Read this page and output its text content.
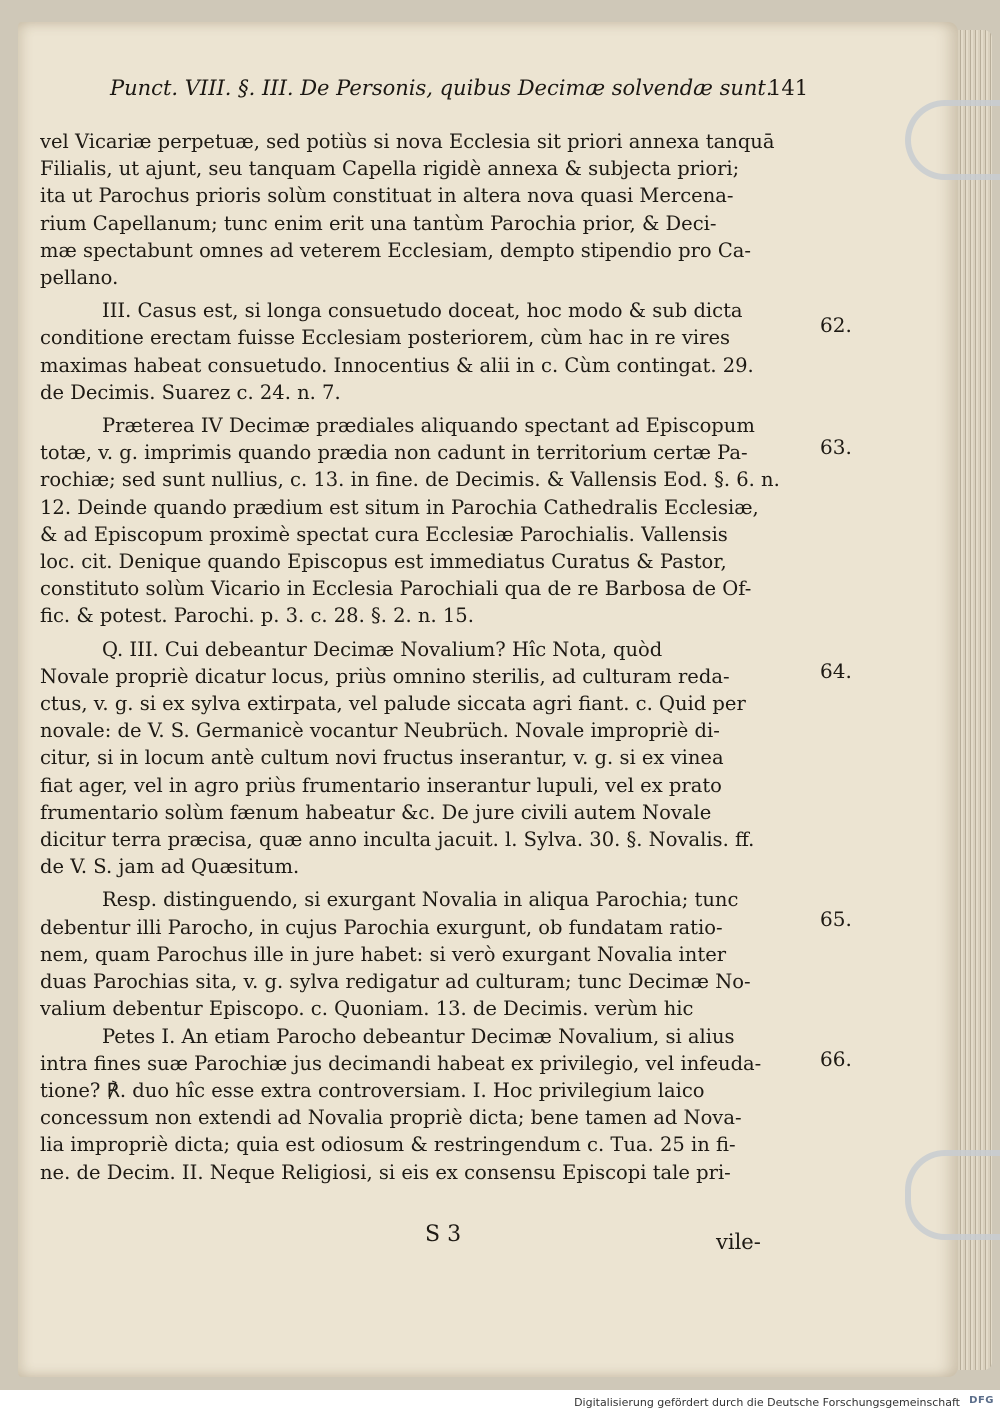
Punct. VIII. §. III. De Personis, quibus Decimæ solvendæ sunt.
141

vel Vicariæ perpetuæ, sed potiùs si nova Ecclesia sit priori annexa tanquā
Filialis, ut ajunt, seu tanquam Capella rigidè annexa & subjecta priori;
ita ut Parochus prioris solùm constituat in altera nova quasi Mercena-
rium Capellanum; tunc enim erit una tantùm Parochia prior, & Deci-
mæ spectabunt omnes ad veterem Ecclesiam, dempto stipendio pro Ca-
pellano.

III. Casus est, si longa consuetudo doceat, hoc modo & sub dicta
conditione erectam fuisse Ecclesiam posteriorem, cùm hac in re vires
maximas habeat consuetudo. Innocentius & alii in c. Cùm contingat. 29.
de Decimis. Suarez c. 24. n. 7.

Præterea IV Decimæ prædiales aliquando spectant ad Episcopum
totæ, v. g. imprimis quando prædia non cadunt in territorium certæ Pa-
rochiæ; sed sunt nullius, c. 13. in fine. de Decimis. & Vallensis Eod. §. 6. n.
12. Deinde quando prædium est situm in Parochia Cathedralis Ecclesiæ,
& ad Episcopum proximè spectat cura Ecclesiæ Parochialis. Vallensis
loc. cit. Denique quando Episcopus est immediatus Curatus & Pastor,
constituto solùm Vicario in Ecclesia Parochiali qua de re Barbosa de Of-
fic. & potest. Parochi. p. 3. c. 28. §. 2. n. 15.

Q. III. Cui debeantur Decimæ Novalium? Hîc Nota, quòd
Novale propriè dicatur locus, priùs omnino sterilis, ad culturam reda-
ctus, v. g. si ex sylva extirpata, vel palude siccata agri fiant. c. Quid per
novale: de V. S. Germanicè vocantur Neubrüch. Novale impropriè di-
citur, si in locum antè cultum novi fructus inserantur, v. g. si ex vinea
fiat ager, vel in agro priùs frumentario inserantur lupuli, vel ex prato
frumentario solùm fænum habeatur &c. De jure civili autem Novale
dicitur terra præcisa, quæ anno inculta jacuit. l. Sylva. 30. §. Novalis. ff.
de V. S. jam ad Quæsitum.

Resp. distinguendo, si exurgant Novalia in aliqua Parochia; tunc
debentur illi Parocho, in cujus Parochia exurgunt, ob fundatam ratio-
nem, quam Parochus ille in jure habet: si verò exurgant Novalia inter
duas Parochias sita, v. g. sylva redigatur ad culturam; tunc Decimæ No-
valium debentur Episcopo. c. Quoniam. 13. de Decimis. verùm hic

Petes I. An etiam Parocho debeantur Decimæ Novalium, si alius
intra fines suæ Parochiæ jus decimandi habeat ex privilegio, vel infeuda-
tione? ℟. duo hîc esse extra controversiam. I. Hoc privilegium laico
concessum non extendi ad Novalia propriè dicta; bene tamen ad Nova-
lia impropriè dicta; quia est odiosum & restringendum c. Tua. 25 in fi-
ne. de Decim. II. Neque Religiosi, si eis ex consensu Episcopi tale pri-

62.
63.
64.
65.
66.
S 3	vile-
Digitalisierung gefördert durch die Deutsche Forschungsgemeinschaft DFG
